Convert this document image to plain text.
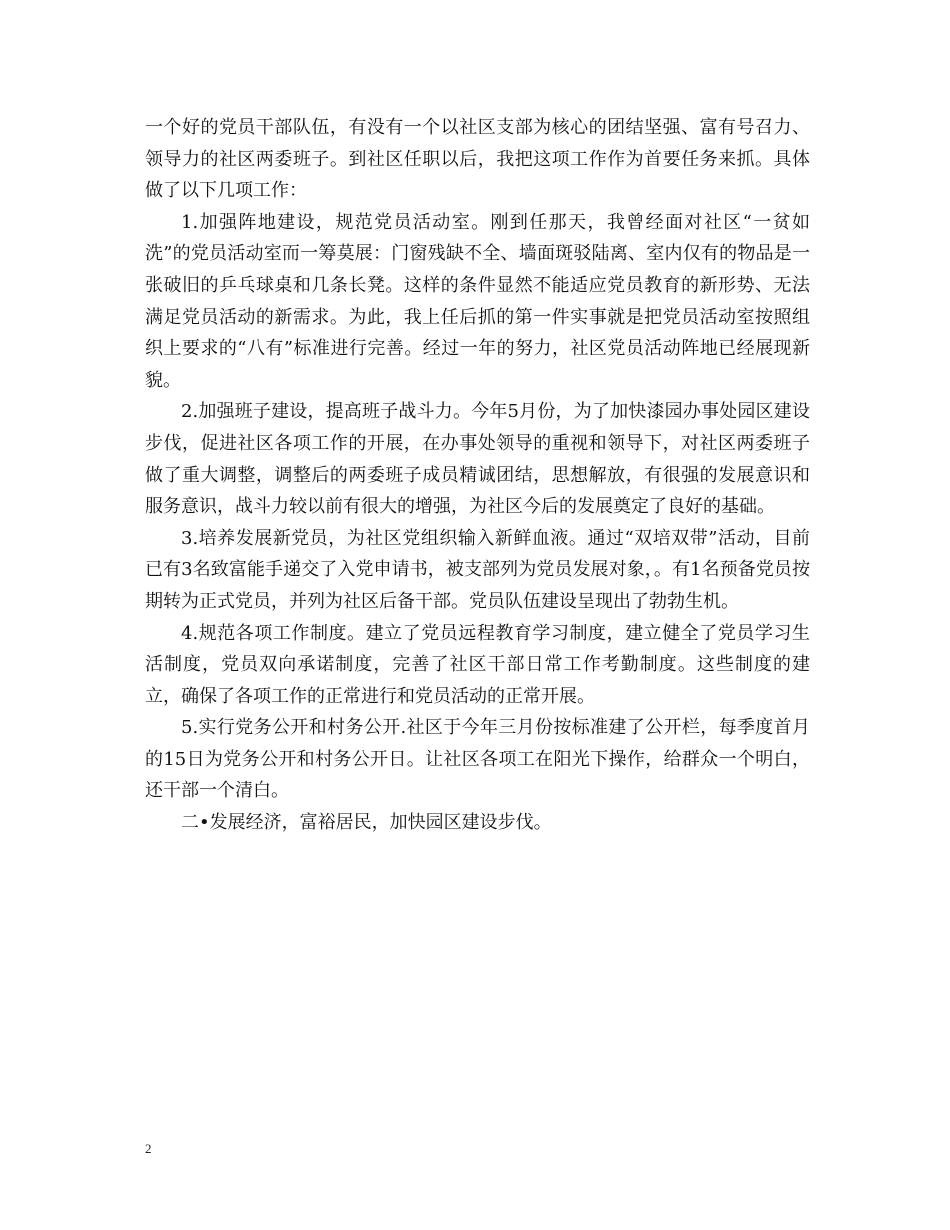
一个好的党员干部队伍，有没有一个以社区支部为核心的团结坚强、富有号召力、领导力的社区两委班子。到社区任职以后，我把这项工作作为首要任务来抓。具体做了以下几项工作：

1.加强阵地建设，规范党员活动室。刚到任那天，我曾经面对社区“一贫如洗”的党员活动室而一筹莫展：门窗残缺不全、墙面斑驳陆离、室内仅有的物品是一张破旧的乒乓球桌和几条长凳。这样的条件显然不能适应党员教育的新形势、无法满足党员活动的新需求。为此，我上任后抓的第一件实事就是把党员活动室按照组织上要求的“八有”标准进行完善。经过一年的努力，社区党员活动阵地已经展现新貌。

2.加强班子建设，提高班子战斗力。今年5月份，为了加快漆园办事处园区建设步伐，促进社区各项工作的开展，在办事处领导的重视和领导下，对社区两委班子做了重大调整，调整后的两委班子成员精诚团结，思想解放，有很强的发展意识和服务意识，战斗力较以前有很大的增强，为社区今后的发展奠定了良好的基础。

3.培养发展新党员，为社区党组织输入新鲜血液。通过“双培双带”活动，目前已有3名致富能手递交了入党申请书，被支部列为党员发展对象，。有1名预备党员按期转为正式党员，并列为社区后备干部。党员队伍建设呈现出了勃勃生机。

4.规范各项工作制度。建立了党员远程教育学习制度，建立健全了党员学习生活制度，党员双向承诺制度，完善了社区干部日常工作考勤制度。这些制度的建立，确保了各项工作的正常进行和党员活动的正常开展。

5.实行党务公开和村务公开.社区于今年三月份按标准建了公开栏，每季度首月的15日为党务公开和村务公开日。让社区各项工在阳光下操作，给群众一个明白，还干部一个清白。

二•发展经济，富裕居民，加快园区建设步伐。

2
